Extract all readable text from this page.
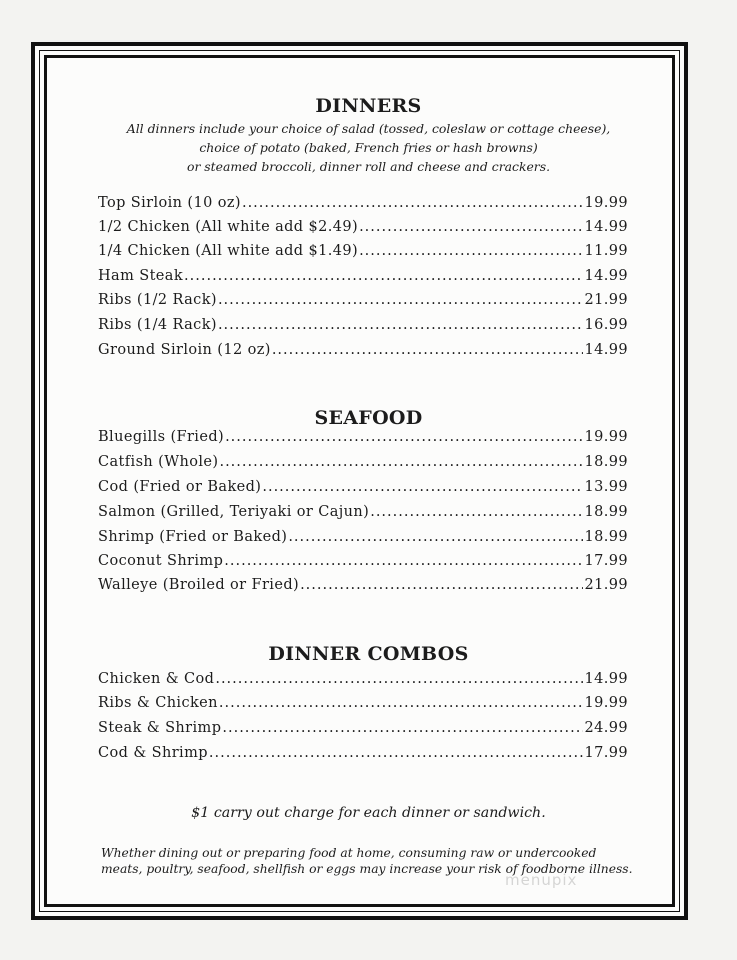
DINNERS
All dinners include your choice of salad (tossed, coleslaw or cottage cheese),
choice of potato (baked, French fries or hash browns)
or steamed broccoli, dinner roll and cheese and crackers.
Top Sirloin (10 oz) .....	19.99
1/2 Chicken (All white add $2.49) .....	14.99
1/4 Chicken (All white add $1.49) .....	11.99
Ham Steak .....	14.99
Ribs (1/2 Rack) .....	21.99
Ribs (1/4 Rack) .....	16.99
Ground Sirloin (12 oz) .....	14.99
SEAFOOD
Bluegills (Fried) .....	19.99
Catfish (Whole) .....	18.99
Cod (Fried or Baked) .....	13.99
Salmon (Grilled, Teriyaki or Cajun) .....	18.99
Shrimp (Fried or Baked) .....	18.99
Coconut Shrimp .....	17.99
Walleye (Broiled or Fried) .....	21.99
DINNER COMBOS
Chicken & Cod .....	14.99
Ribs & Chicken .....	19.99
Steak & Shrimp .....	24.99
Cod & Shrimp .....	17.99
$1 carry out charge for each dinner or sandwich.
Whether dining out or preparing food at home, consuming raw or undercooked meats, poultry, seafood, shellfish or eggs may increase your risk of foodborne illness.
menupix
